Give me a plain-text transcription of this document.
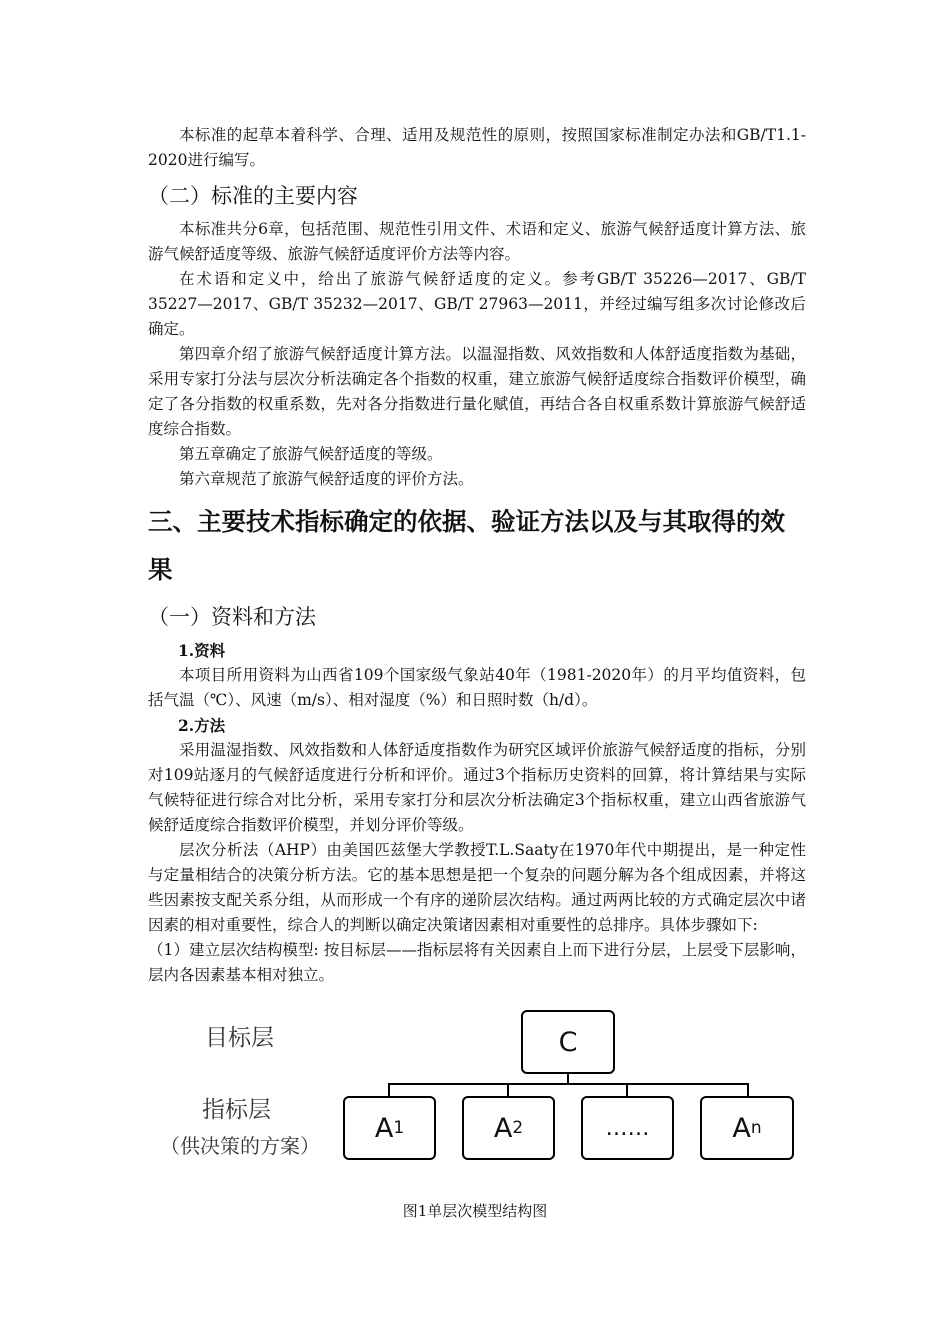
本标准的起草本着科学、合理、适用及规范性的原则，按照国家标准制定办法和GB/T1.1-2020进行编写。

（二）标准的主要内容

本标准共分6章，包括范围、规范性引用文件、术语和定义、旅游气候舒适度计算方法、旅游气候舒适度等级、旅游气候舒适度评价方法等内容。

在术语和定义中，给出了旅游气候舒适度的定义。参考GB/T 35226—2017、GB/T 35227—2017、GB/T 35232—2017、GB/T 27963—2011，并经过编写组多次讨论修改后确定。

第四章介绍了旅游气候舒适度计算方法。以温湿指数、风效指数和人体舒适度指数为基础，采用专家打分法与层次分析法确定各个指数的权重，建立旅游气候舒适度综合指数评价模型，确定了各分指数的权重系数，先对各分指数进行量化赋值，再结合各自权重系数计算旅游气候舒适度综合指数。

第五章确定了旅游气候舒适度的等级。

第六章规范了旅游气候舒适度的评价方法。

三、主要技术指标确定的依据、验证方法以及与其取得的效果
（一）资料和方法
1.资料

本项目所用资料为山西省109个国家级气象站40年（1981-2020年）的月平均值资料，包括气温（℃）、风速（m/s）、相对湿度（%）和日照时数（h/d）。

2.方法

采用温湿指数、风效指数和人体舒适度指数作为研究区域评价旅游气候舒适度的指标，分别对109站逐月的气候舒适度进行分析和评价。通过3个指标历史资料的回算，将计算结果与实际气候特征进行综合对比分析，采用专家打分和层次分析法确定3个指标权重，建立山西省旅游气候舒适度综合指数评价模型，并划分评价等级。

层次分析法（AHP）由美国匹兹堡大学教授T.L.Saaty在1970年代中期提出，是一种定性与定量相结合的决策分析方法。它的基本思想是把一个复杂的问题分解为各个组成因素，并将这些因素按支配关系分组，从而形成一个有序的递阶层次结构。通过两两比较的方式确定层次中诸因素的相对重要性，综合人的判断以确定决策诸因素相对重要性的总排序。具体步骤如下:

（1）建立层次结构模型: 按目标层——指标层将有关因素自上而下进行分层，上层受下层影响，层内各因素基本相对独立。

目标层
指标层
（供决策的方案）
C
A 1	A 2	……	A n
图1单层次模型结构图
